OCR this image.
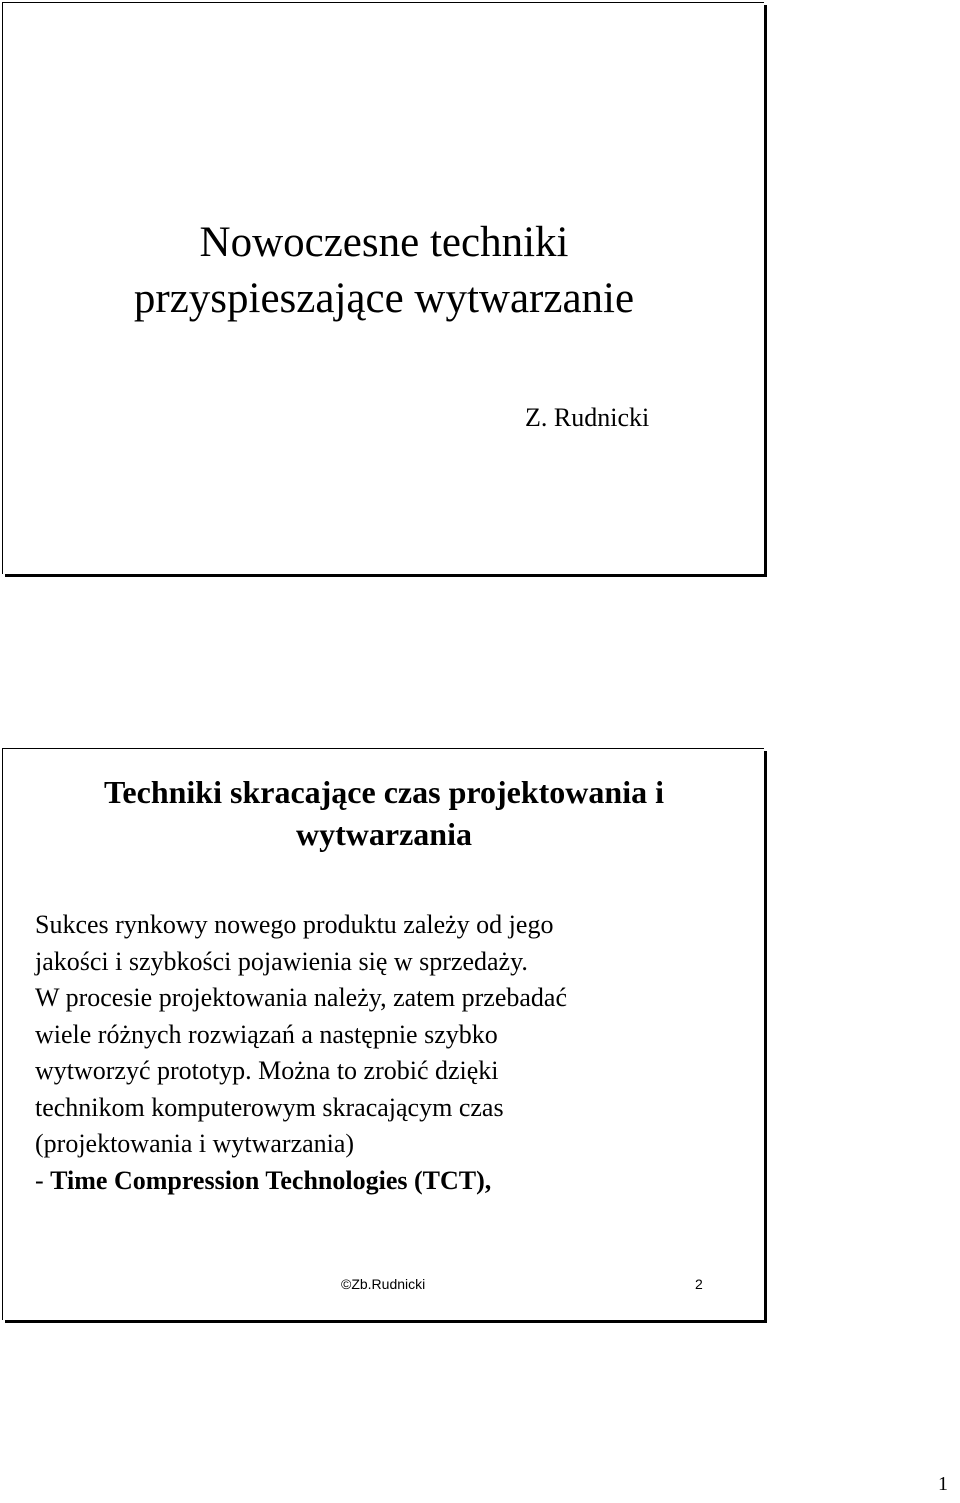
Nowoczesne techniki
przyspieszające wytwarzanie
Z. Rudnicki
Techniki skracające czas projektowania i
wytwarzania

Sukces rynkowy nowego produktu zależy od jego
jakości i szybkości pojawienia się w sprzedaży.

W procesie projektowania należy, zatem przebadać
wiele różnych rozwiązań a następnie szybko
wytworzyć prototyp. Można to zrobić dzięki
technikom komputerowym skracającym czas
(projektowania i wytwarzania)
- Time Compression Technologies (TCT),

©Zb.Rudnicki	2
1
